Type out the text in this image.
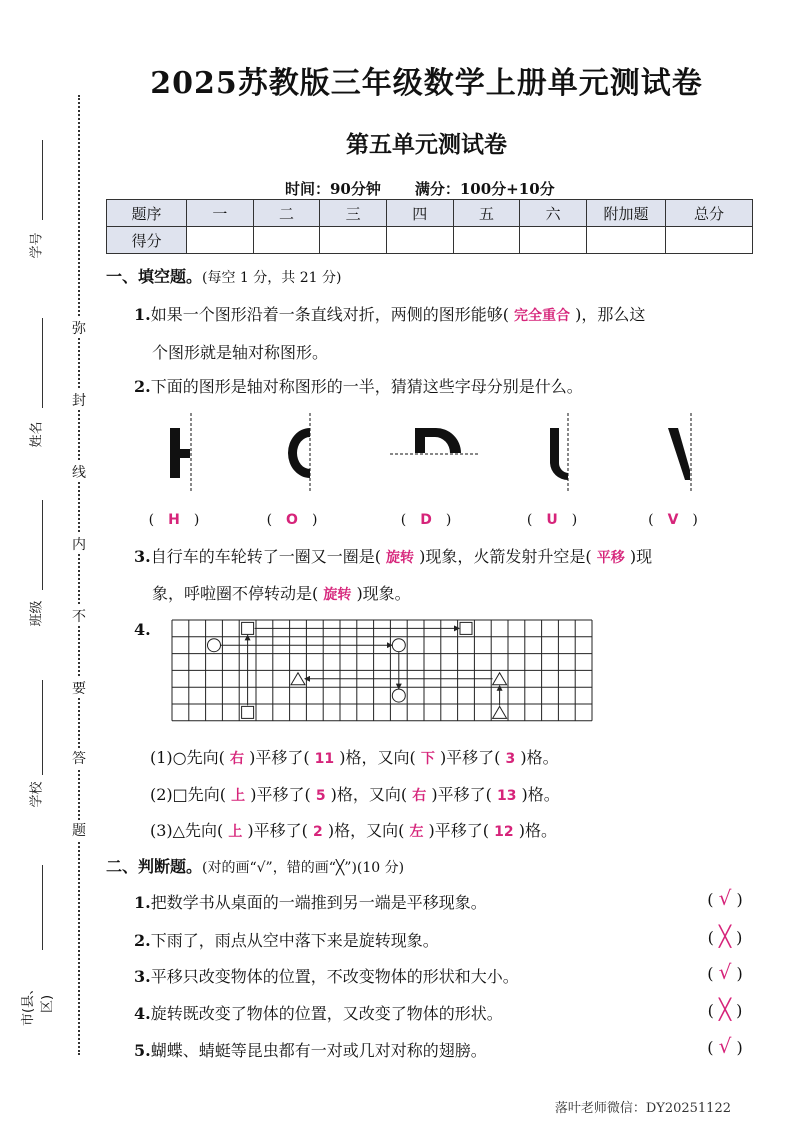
弥
封
线
内
不
要
答
题
学号
姓名
班级
学校
市(县、区)
2025苏教版三年级数学上册单元测试卷
第五单元测试卷
时间：90分钟 满分：100分+10分
题序	一	二	三	四	五	六	附加题	总分
得分								
一、填空题。(每空 1 分，共 21 分)
1.如果一个图形沿着一条直线对折，两侧的图形能够( 完全重合 )，那么这
个图形就是轴对称图形。
2.下面的图形是轴对称图形的一半，猜猜这些字母分别是什么。
( H )	( O )	( D )	( U )	( V )
3.自行车的车轮转了一圈又一圈是( 旋转 )现象，火箭发射升空是( 平移 )现
象，呼啦圈不停转动是( 旋转 )现象。
4.
(1)○先向( 右 )平移了( 11 )格，又向( 下 )平移了( 3 )格。
(2)□先向( 上 )平移了( 5 )格，又向( 右 )平移了( 13 )格。
(3)△先向( 上 )平移了( 2 )格，又向( 左 )平移了( 12 )格。
二、判断题。(对的画“√”，错的画“╳”)(10 分)
1.把数学书从桌面的一端推到另一端是平移现象。	( √ )
2.下雨了，雨点从空中落下来是旋转现象。	( ╳ )
3.平移只改变物体的位置，不改变物体的形状和大小。	( √ )
4.旋转既改变了物体的位置，又改变了物体的形状。	( ╳ )
5.蝴蝶、蜻蜓等昆虫都有一对或几对对称的翅膀。	( √ )
落叶老师微信：DY20251122
